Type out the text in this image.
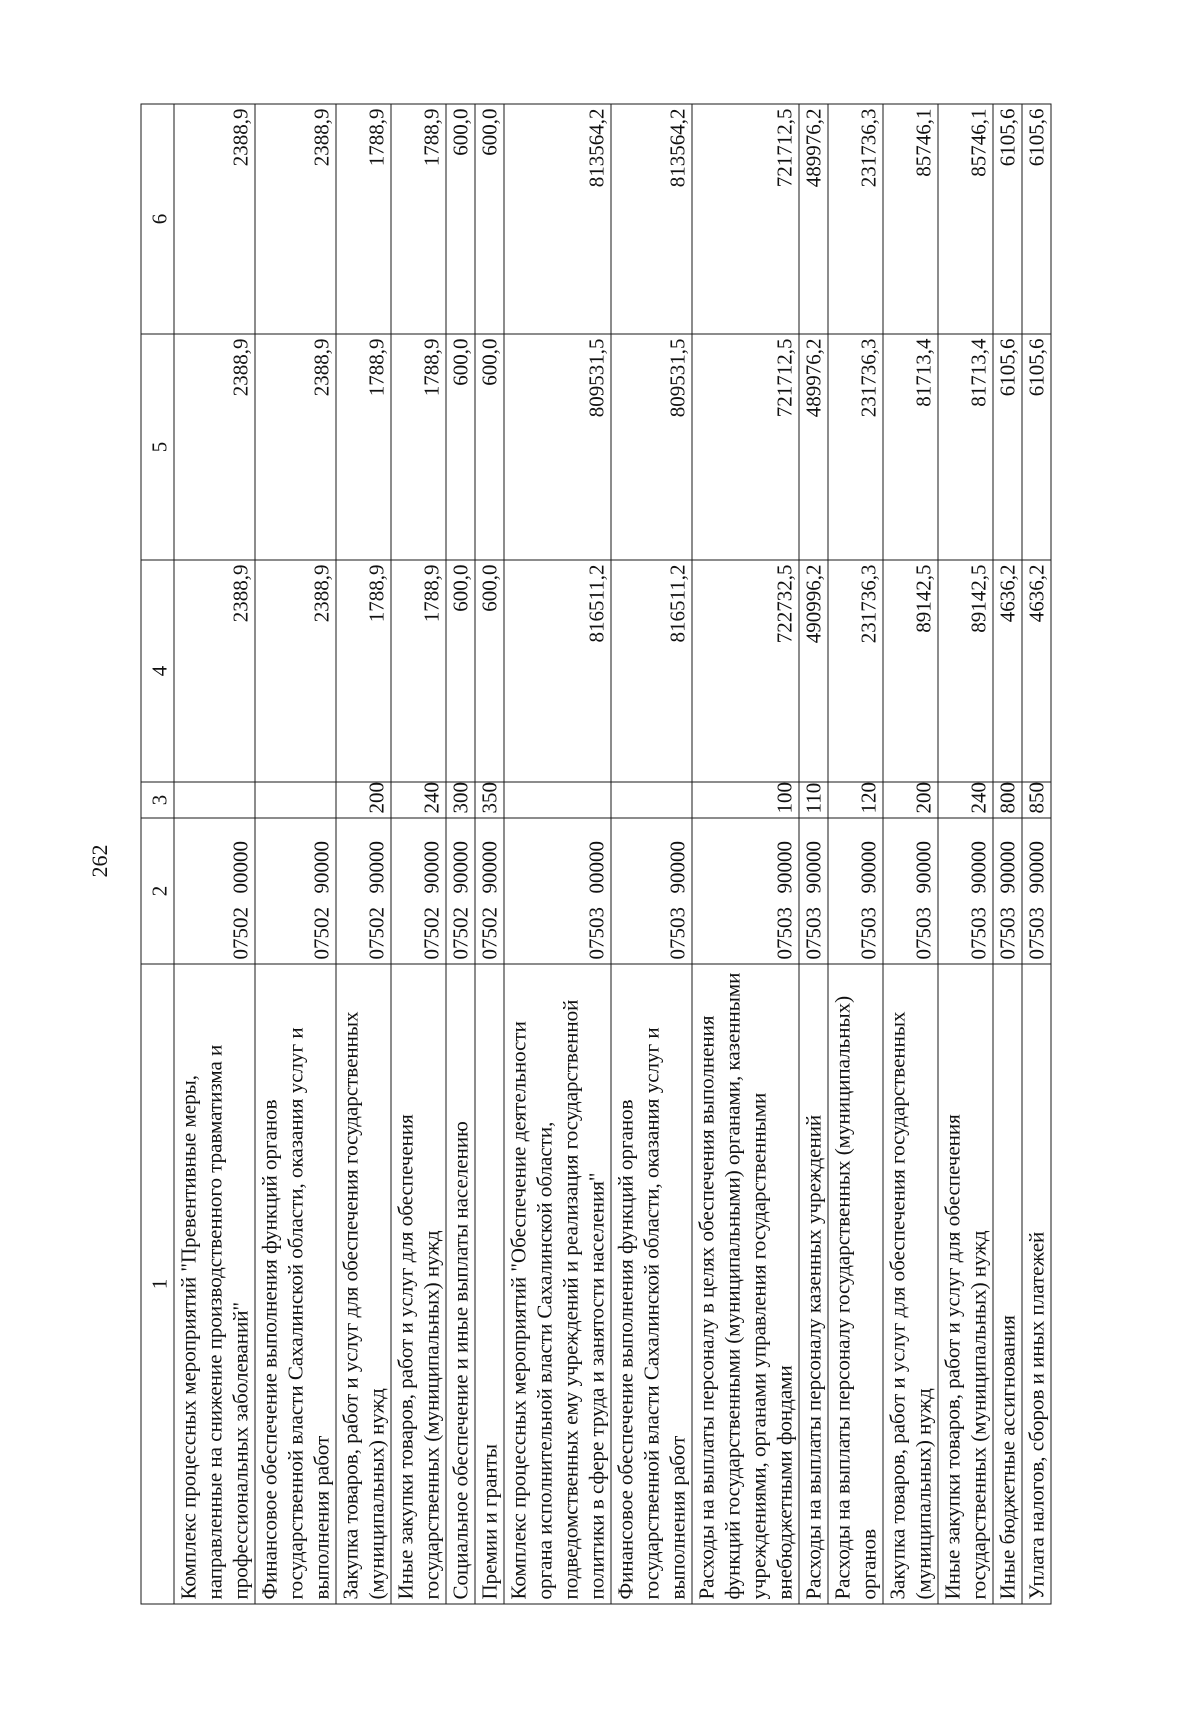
262
1	2	3	4	5	6
Комплекс процессных мероприятий "Превентивные меры, направленные на снижение производственного травматизма и профессиональных заболеваний"	0750200000		2388,9	2388,9	2388,9
Финансовое обеспечение выполнения функций органов государственной власти Сахалинской области, оказания услуг и выполнения работ	0750290000		2388,9	2388,9	2388,9
Закупка товаров, работ и услуг для обеспечения государственных (муниципальных) нужд	0750290000	200	1788,9	1788,9	1788,9
Иные закупки товаров, работ и услуг для обеспечения государственных (муниципальных) нужд	0750290000	240	1788,9	1788,9	1788,9
Социальное обеспечение и иные выплаты населению	0750290000	300	600,0	600,0	600,0
Премии и гранты	0750290000	350	600,0	600,0	600,0
Комплекс процессных мероприятий "Обеспечение деятельности органа исполнительной власти Сахалинской области, подведомственных ему учреждений и реализация государственной политики в сфере труда и занятости населения"	0750300000		816511,2	809531,5	813564,2
Финансовое обеспечение выполнения функций органов государственной власти Сахалинской области, оказания услуг и выполнения работ	0750390000		816511,2	809531,5	813564,2
Расходы на выплаты персоналу в целях обеспечения выполнения функций государственными (муниципальными) органами, казенными учреждениями, органами управления государственными внебюджетными фондами	0750390000	100	722732,5	721712,5	721712,5
Расходы на выплаты персоналу казенных учреждений	0750390000	110	490996,2	489976,2	489976,2
Расходы на выплаты персоналу государственных (муниципальных) органов	0750390000	120	231736,3	231736,3	231736,3
Закупка товаров, работ и услуг для обеспечения государственных (муниципальных) нужд	0750390000	200	89142,5	81713,4	85746,1
Иные закупки товаров, работ и услуг для обеспечения государственных (муниципальных) нужд	0750390000	240	89142,5	81713,4	85746,1
Иные бюджетные ассигнования	0750390000	800	4636,2	6105,6	6105,6
Уплата налогов, сборов и иных платежей	0750390000	850	4636,2	6105,6	6105,6
